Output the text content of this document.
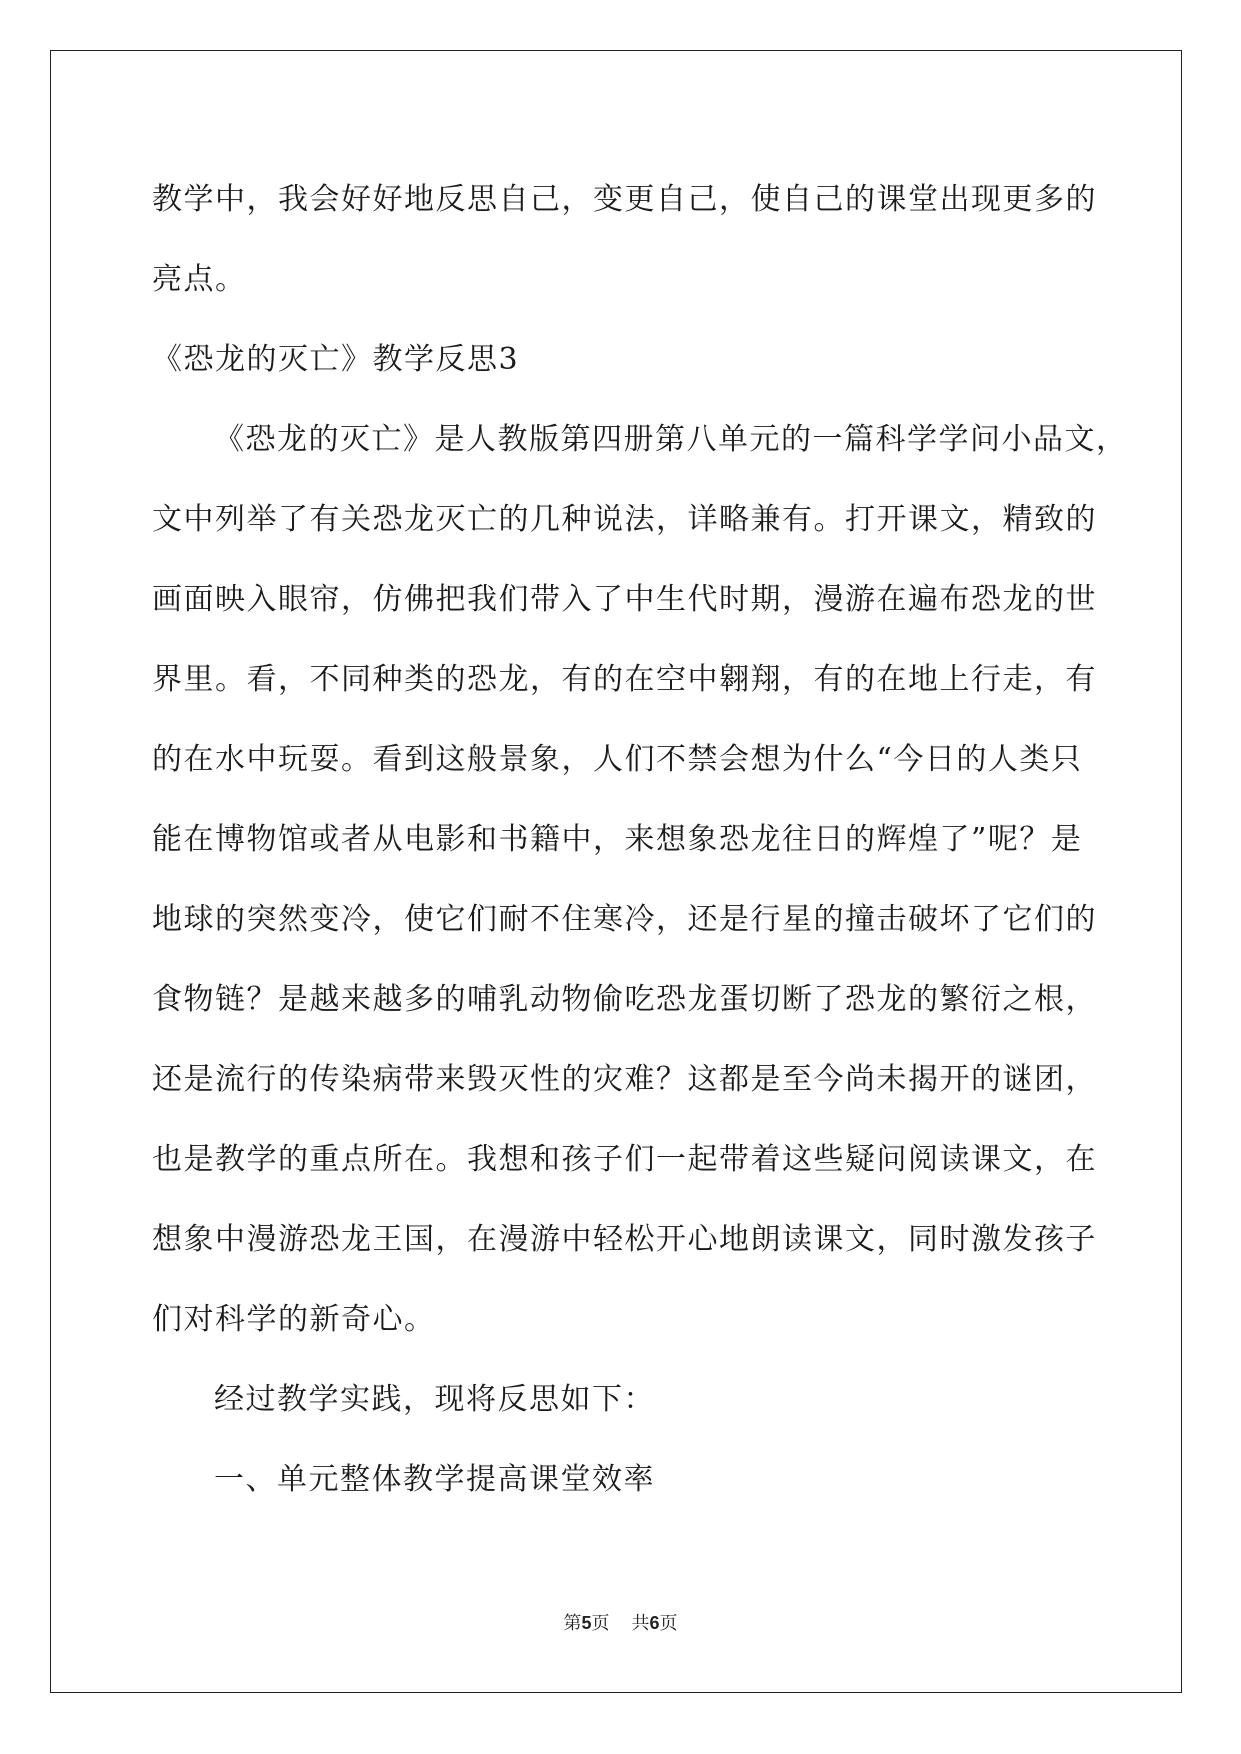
教学中，我会好好地反思自己，变更自己，使自己的课堂出现更多的
亮点。
《恐龙的灭亡》教学反思3
《恐龙的灭亡》是人教版第四册第八单元的一篇科学学问小品文，
文中列举了有关恐龙灭亡的几种说法，详略兼有。打开课文，精致的
画面映入眼帘，仿佛把我们带入了中生代时期，漫游在遍布恐龙的世
界里。看，不同种类的恐龙，有的在空中翱翔，有的在地上行走，有
的在水中玩耍。看到这般景象，人们不禁会想为什么“今日的人类只
能在博物馆或者从电影和书籍中，来想象恐龙往日的辉煌了”呢？是
地球的突然变冷，使它们耐不住寒冷，还是行星的撞击破坏了它们的
食物链？是越来越多的哺乳动物偷吃恐龙蛋切断了恐龙的繁衍之根，
还是流行的传染病带来毁灭性的灾难？这都是至今尚未揭开的谜团，
也是教学的重点所在。我想和孩子们一起带着这些疑问阅读课文，在
想象中漫游恐龙王国，在漫游中轻松开心地朗读课文，同时激发孩子
们对科学的新奇心。
经过教学实践，现将反思如下：
一、单元整体教学提高课堂效率
第5页 共6页
